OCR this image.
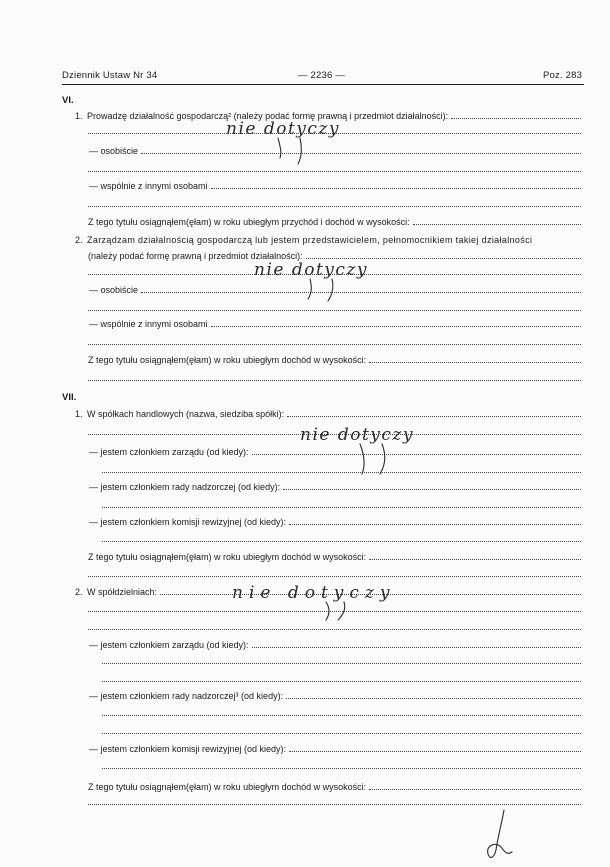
Dziennik Ustaw Nr 34	— 2236 —	Poz. 283
VI.
1. Prowadzę działalność gospodarczą² (należy podać formę prawną i przedmiot działalności):
— osobiście
— wspólnie z innymi osobami
Z tego tytułu osiągnąłem(ęłam) w roku ubiegłym przychód i dochód w wysokości:
2. Zarządzam działalnością gospodarczą lub jestem przedstawicielem, pełnomocnikiem takiej działalności
(należy podać formę prawną i przedmiot działalności):
— osobiście
— wspólnie z innymi osobami
Z tego tytułu osiągnąłem(ęłam) w roku ubiegłym dochód w wysokości:
VII.
1. W spółkach handlowych (nazwa, siedziba spółki):
— jestem członkiem zarządu (od kiedy):
— jestem członkiem rady nadzorczej (od kiedy):
— jestem członkiem komisji rewizyjnej (od kiedy):
Z tego tytułu osiągnąłem(ęłam) w roku ubiegłym dochód w wysokości:
2. W spółdzielniach:
— jestem członkiem zarządu (od kiedy):
— jestem członkiem rady nadzorczej³ (od kiedy):
— jestem członkiem komisji rewizyjnej (od kiedy):
Z tego tytułu osiągnąłem(ęłam) w roku ubiegłym dochód w wysokości:
nie dotyczy
nie dotyczy
nie dotyczy
nie dotyczy
